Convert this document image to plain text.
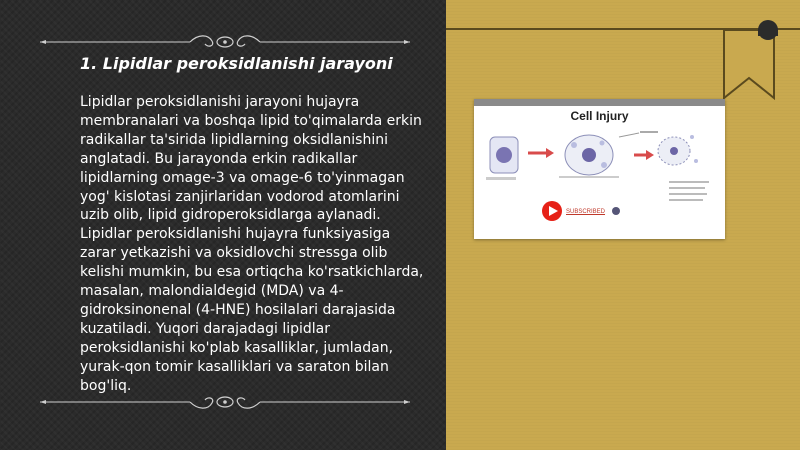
1. Lipidlar peroksidlanishi jarayoni

Lipidlar peroksidlanishi jarayoni hujayra membranalari va boshqa lipid to'qimalarda erkin radikallar ta'sirida lipidlarning oksidlanishini anglatadi. Bu jarayonda erkin radikallar lipidlarning omage-3 va omage-6 to'yinmagan yog' kislotasi zanjirlaridan vodorod atomlarini uzib olib, lipid gidroperoksidlarga aylanadi. Lipidlar peroksidlanishi hujayra funksiyasiga zarar yetkazishi va oksidlovchi stressga olib kelishi mumkin, bu esa ortiqcha ko'rsatkichlarda, masalan, malondialdegid (MDA) va 4-gidroksinonenal (4-HNE) hosilalari darajasida kuzatiladi. Yuqori darajadagi lipidlar peroksidlanishi ko'plab kasalliklar, jumladan, yurak-qon tomir kasalliklari va saraton bilan bog'liq.

Cell Injury
SUBSCRIBED
